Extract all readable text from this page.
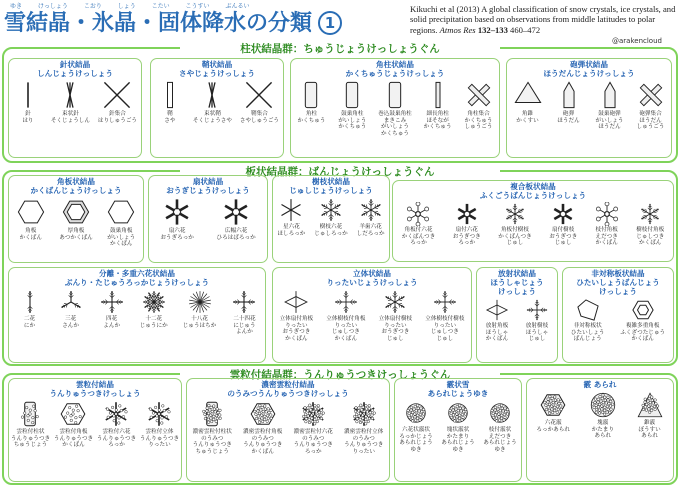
ゆき けっしょう こおり しょう こたい こうすい ぶんるい
雪結晶・氷晶・固体降水の分類 1
Kikuchi et al (2013) A global classification of snow crystals, ice crystals, and solid precipitation based on observations from middle latitudes to polar regions. Atmos Res 132–133 460–472
@arakencloud
柱状結晶群：ちゅうじょうけっしょうぐん
針状結晶
しんじょうけっしょう
針
はり
束状針
そくじょうしん
針集合
はりしゅうごう
鞘状結晶
さやじょうけっしょう
鞘
さや
束状鞘
そくじょうさや
鞘集合
さやしゅうごう
角柱状結晶
かくちゅうじょうけっしょう
角柱
かくちゅう
鼓巣角柱
がいしょう
かくちゅう
巻込鼓巣角柱
まきこみ
がいしょう
かくちゅう
細長角柱
ほそなが
かくちゅう
角柱集合
かくちゅう
しゅうごう
砲弾状結晶
ほうだんじょうけっしょう
角錐
かくすい
砲弾
ほうだん
鼓巣砲弾
がいしょう
ほうだん
砲弾集合
ほうだん
しゅうごう
板状結晶群：ばんじょうけっしょうぐん
角板状結晶
かくばんじょうけっしょう
角板
かくばん
厚角板
あつかくばん
鼓巣角板
がいしょう
かくばん
扇状結晶
おうぎじょうけっしょう
扇六花
おうぎろっか
広幅六花
ひろはばろっか
樹枝状結晶
じゅしじょうけっしょう
星六花
ほしろっか
樹枝六花
じゅしろっか
羊歯六花
しだろっか
複合板状結晶
ふくごうばんじょうけっしょう
角板付六花
かくばんつき
ろっか
扇付六花
おうぎつき
ろっか
角板付樹枝
かくばんつき
じゅし
扇付樹枝
おうぎつき
じゅし
枝付角板
えだつき
かくばん
樹枝付角板
じゅしつき
かくばん
分離・多重六花状結晶
ぶんり・たじゅうろっかじょうけっしょう
二花
にか
三花
さんか
四花
よんか
十二花
じゅうにか
十八花
じゅうはちか
二十四花
にじゅう
よんか
立体状結晶
りったいじょうけっしょう
立体扇付角板
りったい
おうぎつき
かくばん
立体樹枝付角板
りったい
じゅしつき
かくばん
立体扇付樹枝
りったい
おうぎつき
じゅし
立体樹枝付樹枝
りったい
じゅしつき
じゅし
放射状結晶
ほうしゃじょう
けっしょう
放射角板
ほうしゃ
かくばん
放射樹枝
ほうしゃ
じゅし
非対称板状結晶
ひたいしょうばんじょう
けっしょう
非対称板状
ひたいしょう
ばんじょう
複雑多重角板
ふくざつたじゅう
かくばん
雲粒付結晶群：うんりゅうつきけっしょうぐん
雲粒付結晶
うんりゅうつきけっしょう
雲粒付柱状
うんりゅうつき
ちゅうじょう
雲粒付角板
うんりゅうつき
かくばん
雲粒付六花
うんりゅうつき
ろっか
雲粒付立体
うんりゅうつき
りったい
濃密雲粒付結晶
のうみつうんりゅうつきけっしょう
濃密雲粒付柱状
のうみつ
うんりゅうつき
ちゅうじょう
濃密雲粒付角板
のうみつ
うんりゅうつき
かくばん
濃密雲粒付六花
のうみつ
うんりゅうつき
ろっか
濃密雲粒付立体
のうみつ
うんりゅうつき
りったい
霰状雪
あられじょうゆき
六花状霰状
ろっかじょう
あられじょう
ゆき
塊状霰状
かたまり
あられじょう
ゆき
枝付霰状
えだつき
あられじょう
ゆき
霰 あられ
六花霰
ろっかあられ
塊霰
かたまり
あられ
錐霰
ぼうすい
あられ
